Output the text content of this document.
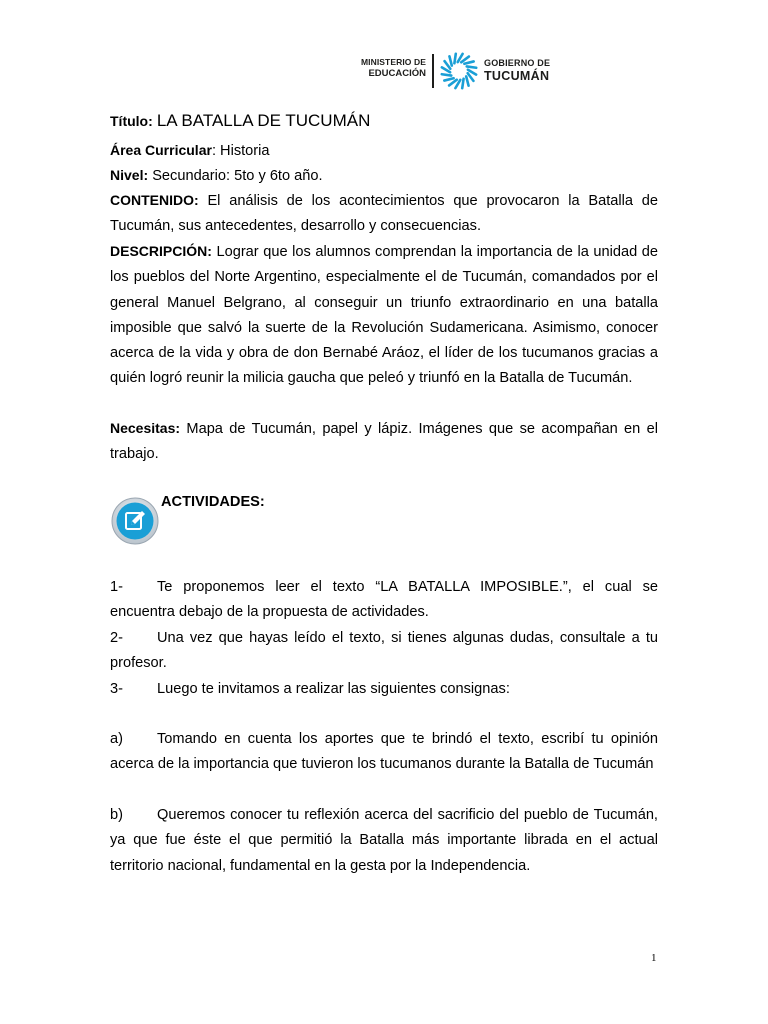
MINISTERIO DE
EDUCACIÓN
GOBIERNO DE
TUCUMÁN
Título: LA BATALLA DE TUCUMÁN
Área Curricular: Historia
Nivel: Secundario: 5to y 6to año.
CONTENIDO: El análisis de los acontecimientos que provocaron la Batalla de Tucumán, sus antecedentes, desarrollo y consecuencias.
DESCRIPCIÓN: Lograr que los alumnos comprendan la importancia de la unidad de los pueblos del Norte Argentino, especialmente el de Tucumán, comandados por el general Manuel Belgrano, al conseguir un triunfo extraordinario en una batalla imposible que salvó la suerte de la Revolución Sudamericana. Asimismo, conocer acerca de la vida y obra de don Bernabé Aráoz, el líder de los tucumanos gracias a quién logró reunir la milicia gaucha que peleó y triunfó en la Batalla de Tucumán.
Necesitas: Mapa de Tucumán, papel y lápiz. Imágenes que se acompañan en el trabajo.
ACTIVIDADES:
1- Te proponemos leer el texto “LA BATALLA IMPOSIBLE.”, el cual se encuentra debajo de la propuesta de actividades.
2- Una vez que hayas leído el texto, si tienes algunas dudas, consultale a tu profesor.
3- Luego te invitamos a realizar las siguientes consignas:
a) Tomando en cuenta los aportes que te brindó el texto, escribí tu opinión acerca de la importancia que tuvieron los tucumanos durante la Batalla de Tucumán
b) Queremos conocer tu reflexión acerca del sacrificio del pueblo de Tucumán, ya que fue éste el que permitió la Batalla más importante librada en el actual territorio nacional, fundamental en la gesta por la Independencia.
1
